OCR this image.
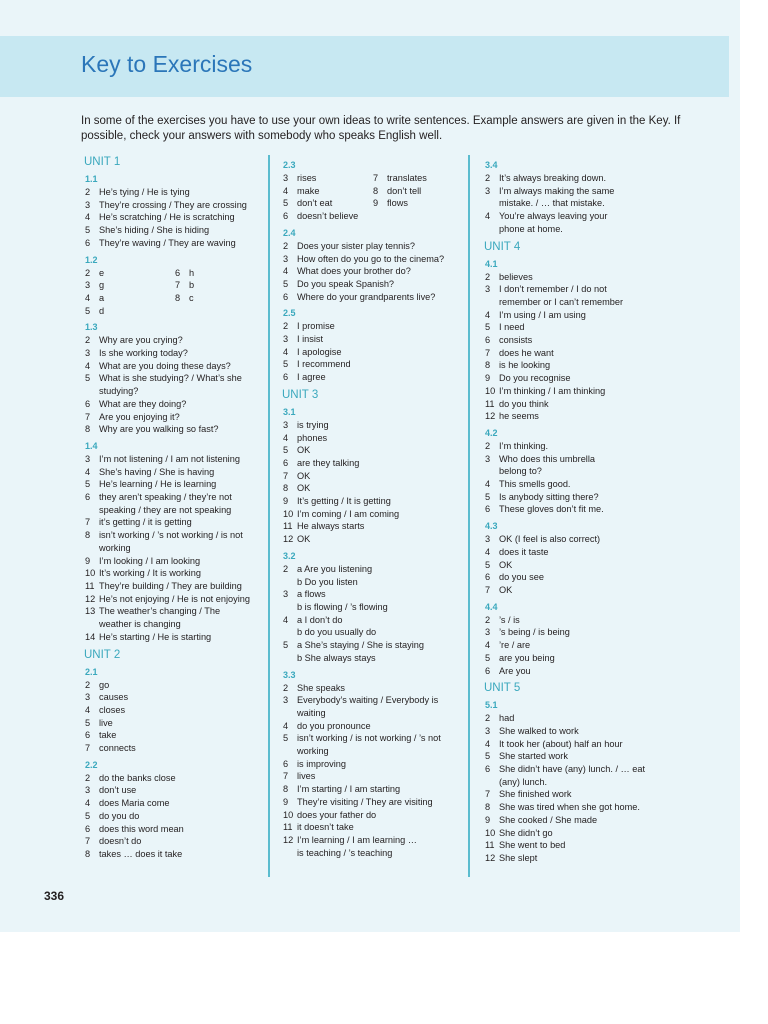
Key to Exercises

In some of the exercises you have to use your own ideas to write sentences. Example answers are given in the Key. If possible, check your answers with somebody who speaks English well.

UNIT 1
1.1
2 He’s tying / He is tying
3 They’re crossing / They are crossing
4 He’s scratching / He is scratching
5 She’s hiding / She is hiding
6 They’re waving / They are waving
1.2
2 e	6 h
3 g	7 b
4 a	8 c
5 d
1.3
2 Why are you crying?
3 Is she working today?
4 What are you doing these days?
5 What is she studying? / What’s she
studying?
6 What are they doing?
7 Are you enjoying it?
8 Why are you walking so fast?
1.4
3 I’m not listening / I am not listening
4 She’s having / She is having
5 He’s learning / He is learning
6 they aren’t speaking / they’re not
speaking / they are not speaking
7 it’s getting / it is getting
8 isn’t working / ’s not working / is not
working
9 I’m looking / I am looking
10 It’s working / It is working
11 They’re building / They are building
12 He’s not enjoying / He is not enjoying
13 The weather’s changing / The
weather is changing
14 He’s starting / He is starting
UNIT 2
2.1
2 go
3 causes
4 closes
5 live
6 take
7 connects
2.2
2 do the banks close
3 don’t use
4 does Maria come
5 do you do
6 does this word mean
7 doesn’t do
8 takes … does it take
2.3
3 rises	7 translates
4 make	8 don’t tell
5 don’t eat	9 flows
6 doesn’t believe
2.4
2 Does your sister play tennis?
3 How often do you go to the cinema?
4 What does your brother do?
5 Do you speak Spanish?
6 Where do your grandparents live?
2.5
2 I promise
3 I insist
4 I apologise
5 I recommend
6 I agree
UNIT 3
3.1
3 is trying
4 phones
5 OK
6 are they talking
7 OK
8 OK
9 It’s getting / It is getting
10 I’m coming / I am coming
11 He always starts
12 OK
3.2
2 a Are you listening
b Do you listen
3 a flows
b is flowing / ’s flowing
4 a I don’t do
b do you usually do
5 a She’s staying / She is staying
b She always stays
3.3
2 She speaks
3 Everybody’s waiting / Everybody is
waiting
4 do you pronounce
5 isn’t working / is not working / ’s not
working
6 is improving
7 lives
8 I’m starting / I am starting
9 They’re visiting / They are visiting
10 does your father do
11 it doesn’t take
12 I’m learning / I am learning …
is teaching / ’s teaching
3.4
2 It’s always breaking down.
3 I’m always making the same
mistake. / … that mistake.
4 You’re always leaving your
phone at home.
UNIT 4
4.1
2 believes
3 I don’t remember / I do not
remember or I can’t remember
4 I’m using / I am using
5 I need
6 consists
7 does he want
8 is he looking
9 Do you recognise
10 I’m thinking / I am thinking
11 do you think
12 he seems
4.2
2 I’m thinking.
3 Who does this umbrella
belong to?
4 This smells good.
5 Is anybody sitting there?
6 These gloves don’t fit me.
4.3
3 OK (I feel is also correct)
4 does it taste
5 OK
6 do you see
7 OK
4.4
2 ’s / is
3 ’s being / is being
4 ’re / are
5 are you being
6 Are you
UNIT 5
5.1
2 had
3 She walked to work
4 It took her (about) half an hour
5 She started work
6 She didn’t have (any) lunch. / … eat
(any) lunch.
7 She finished work
8 She was tired when she got home.
9 She cooked / She made
10 She didn’t go
11 She went to bed
12 She slept

336
